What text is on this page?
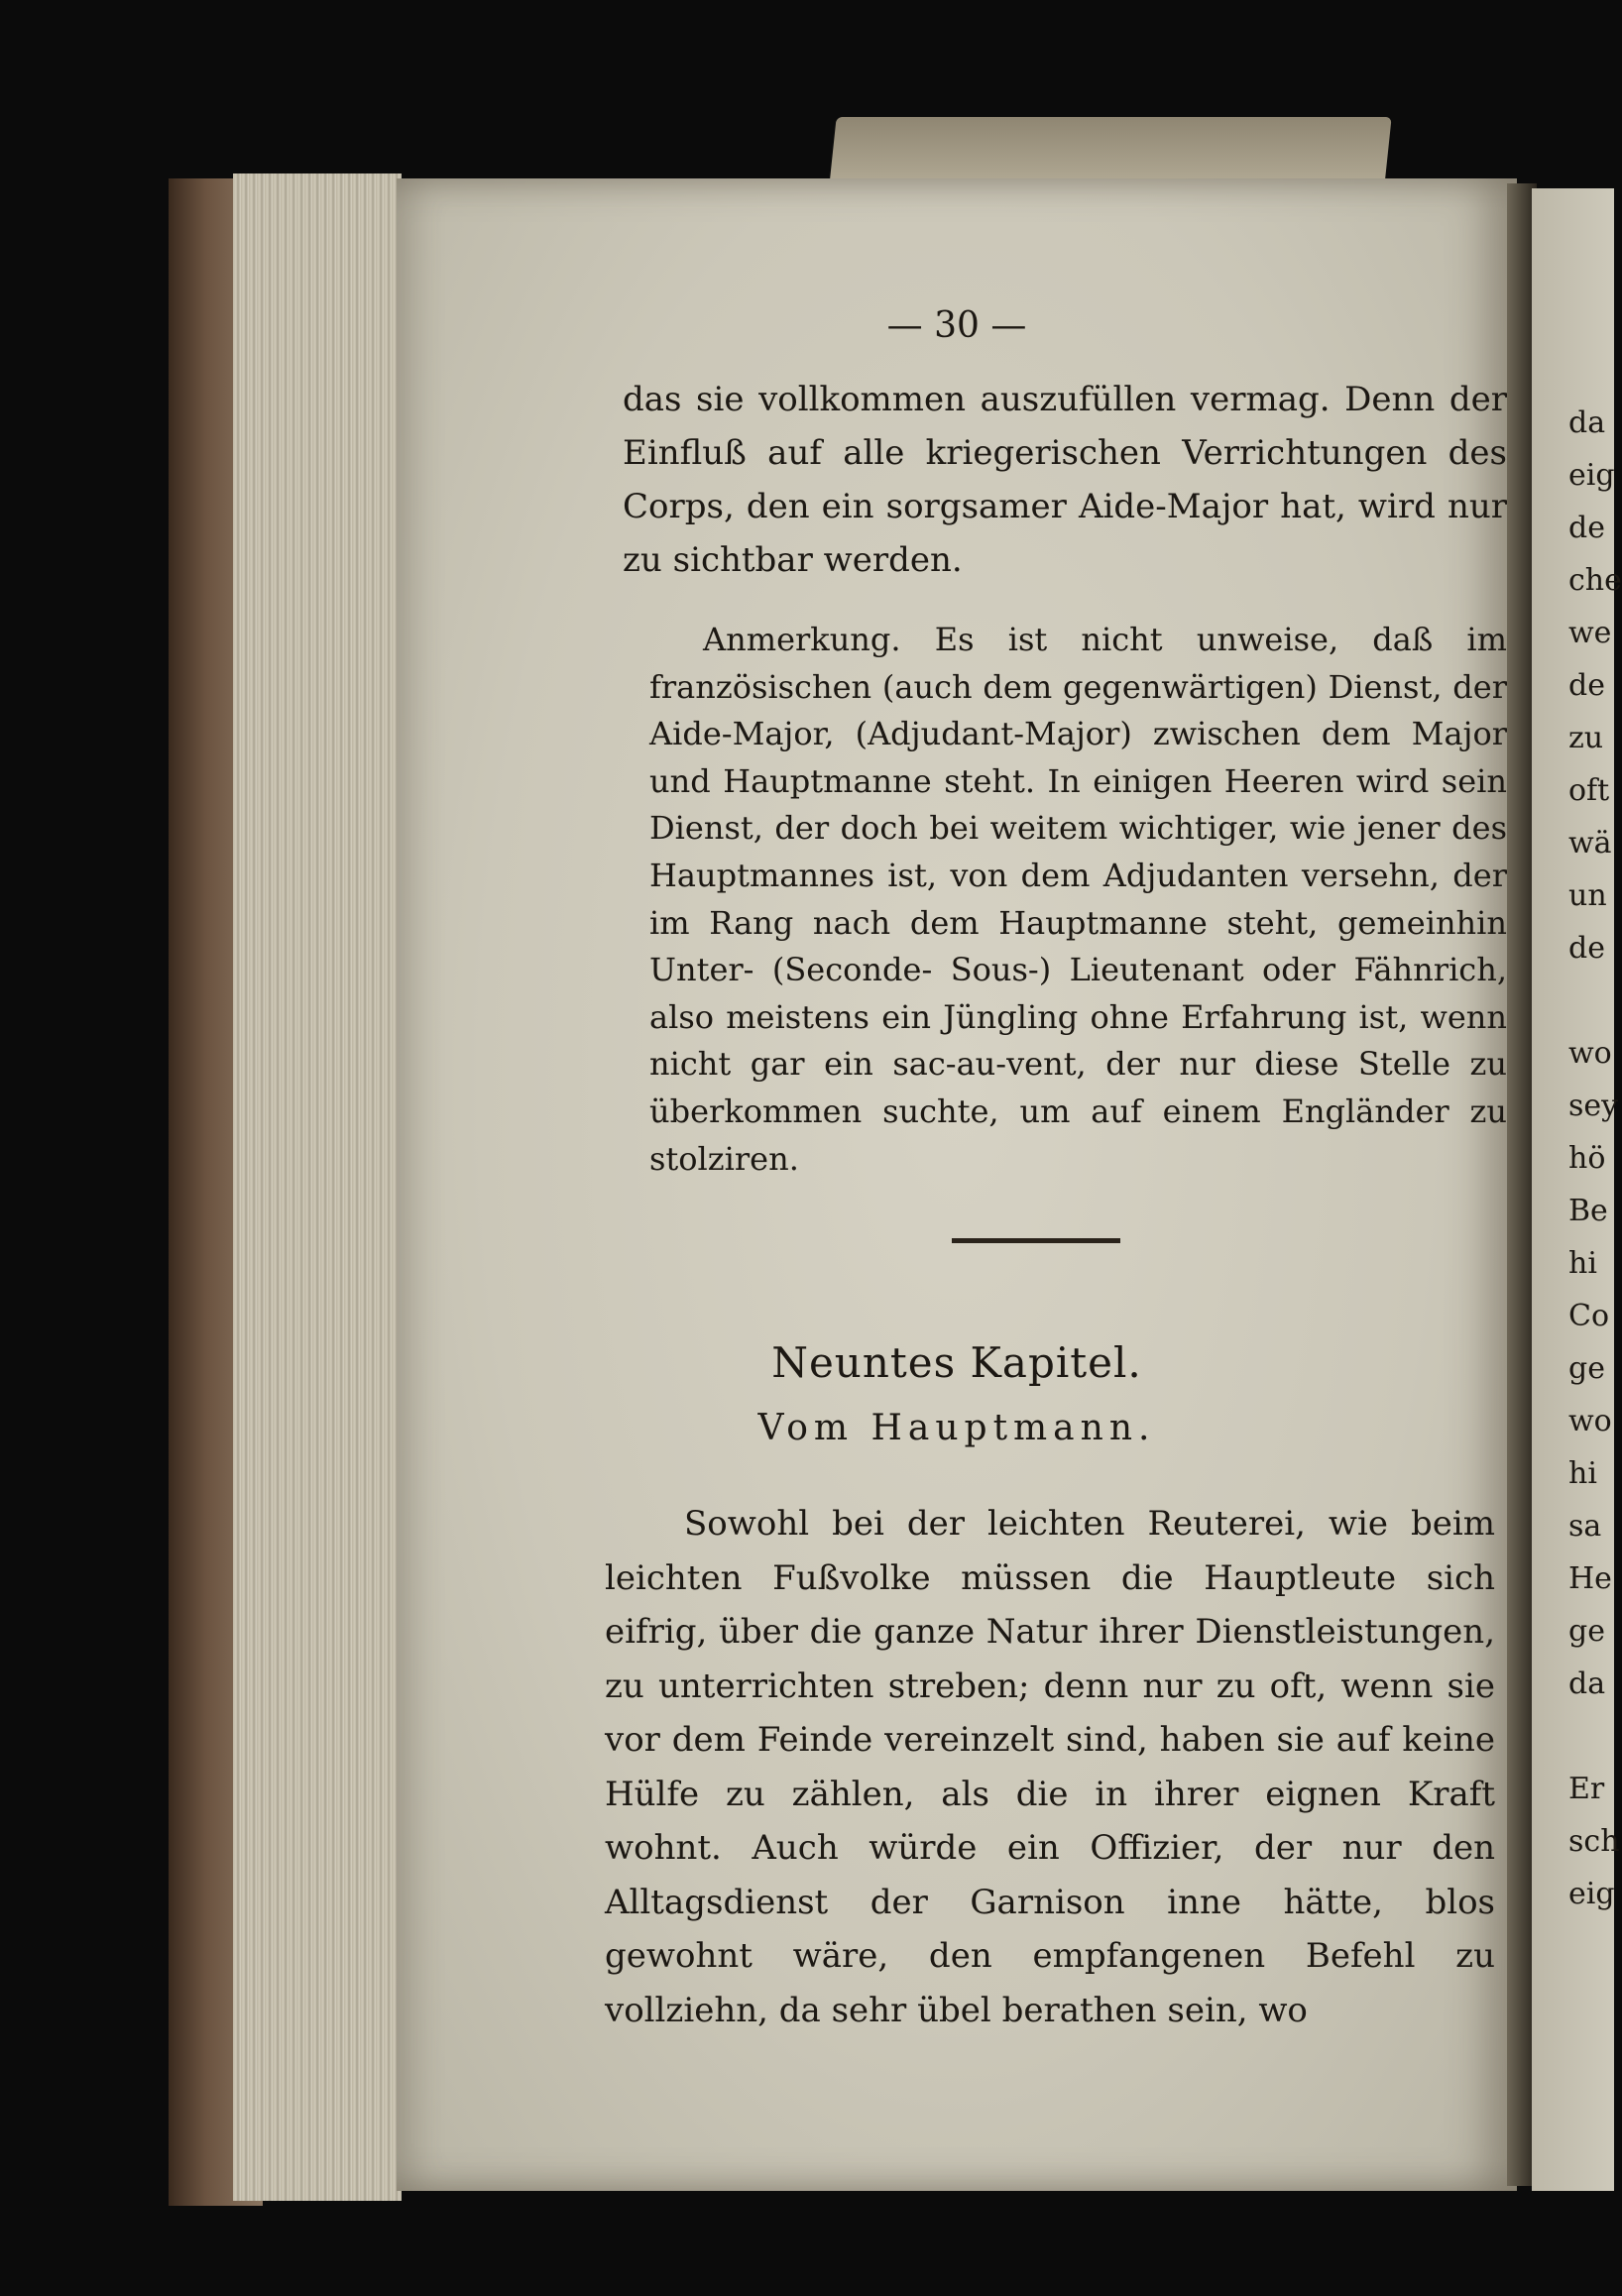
— 30 —
das sie vollkommen auszufüllen vermag. Denn der Einfluß auf alle kriegerischen Verrichtungen des Corps, den ein sorgsamer Aide-Major hat, wird nur zu sichtbar werden.
Anmerkung. Es ist nicht unweise, daß im französischen (auch dem gegenwärtigen) Dienst, der Aide-Major, (Adjudant-Major) zwischen dem Major und Hauptmanne steht. In einigen Heeren wird sein Dienst, der doch bei weitem wichtiger, wie jener des Hauptmannes ist, von dem Adjudanten versehn, der im Rang nach dem Hauptmanne steht, gemeinhin Unter- (Seconde- Sous-) Lieutenant oder Fähnrich, also meistens ein Jüngling ohne Erfahrung ist, wenn nicht gar ein sac-au-vent, der nur diese Stelle zu überkommen suchte, um auf einem Engländer zu stolziren.
Neuntes Kapitel.
Vom Hauptmann.
Sowohl bei der leichten Reuterei, wie beim leichten Fußvolke müssen die Hauptleute sich eifrig, über die ganze Natur ihrer Dienstleistungen, zu unterrichten streben; denn nur zu oft, wenn sie vor dem Feinde vereinzelt sind, haben sie auf keine Hülfe zu zählen, als die in ihrer eignen Kraft wohnt. Auch würde ein Offizier, der nur den Alltagsdienst der Garnison inne hätte, blos gewohnt wäre, den empfangenen Befehl zu vollziehn, da sehr übel berathen sein, wo
da
eig
de
che
we
de
zu
oft
wä
un
de
wo
sey
hö
Be
hi
Co
ge
wo
hi
sa
He
ge
da
Er
sch
eig
